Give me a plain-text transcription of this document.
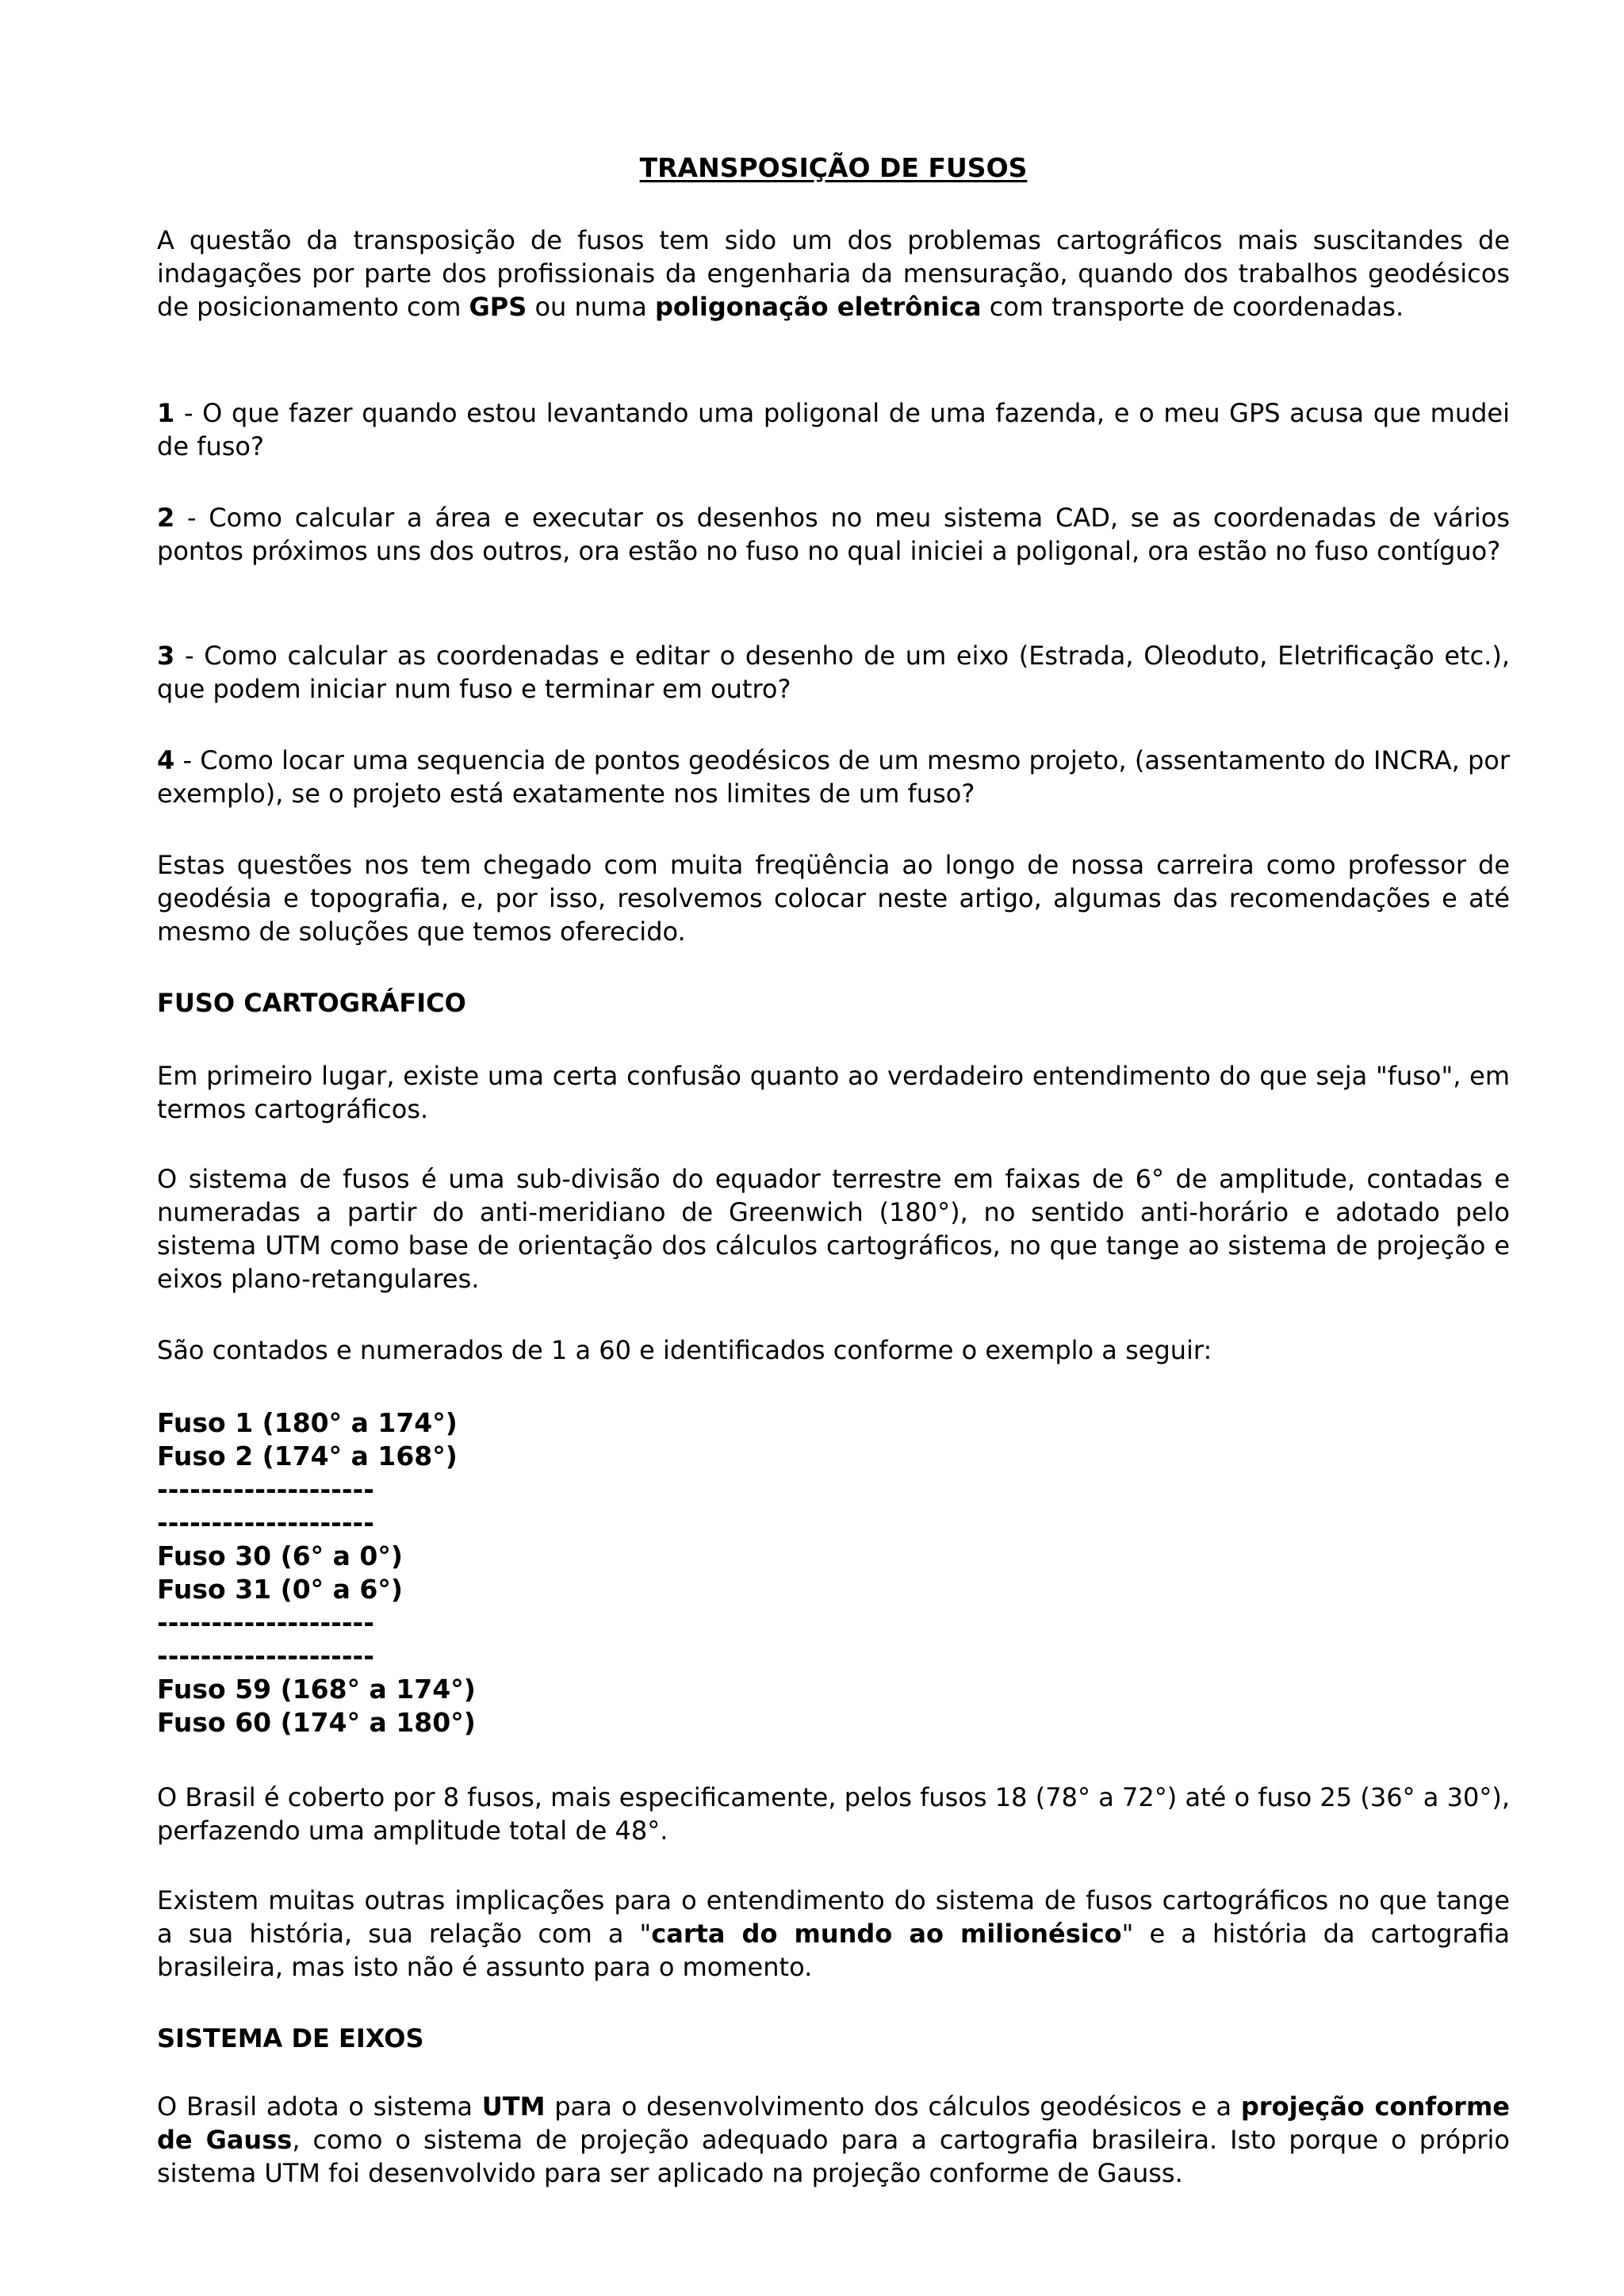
TRANSPOSIÇÃO DE FUSOS

A questão da transposição de fusos tem sido um dos problemas cartográficos mais suscitandes de indagações por parte dos profissionais da engenharia da mensuração, quando dos trabalhos geodésicos de posicionamento com GPS ou numa poligonação eletrônica com transporte de coordenadas.

1 - O que fazer quando estou levantando uma poligonal de uma fazenda, e o meu GPS acusa que mudei de fuso?

2 - Como calcular a área e executar os desenhos no meu sistema CAD, se as coordenadas de vários pontos próximos uns dos outros, ora estão no fuso no qual iniciei a poligonal, ora estão no fuso contíguo?

3 - Como calcular as coordenadas e editar o desenho de um eixo (Estrada, Oleoduto, Eletrificação etc.), que podem iniciar num fuso e terminar em outro?

4 - Como locar uma sequencia de pontos geodésicos de um mesmo projeto, (assentamento do INCRA, por exemplo), se o projeto está exatamente nos limites de um fuso?

Estas questões nos tem chegado com muita freqüência ao longo de nossa carreira como professor de geodésia e topografia, e, por isso, resolvemos colocar neste artigo, algumas das recomendações e até mesmo de soluções que temos oferecido.

FUSO CARTOGRÁFICO

Em primeiro lugar, existe uma certa confusão quanto ao verdadeiro entendimento do que seja "fuso", em termos cartográficos.

O sistema de fusos é uma sub-divisão do equador terrestre em faixas de 6° de amplitude, contadas e numeradas a partir do anti-meridiano de Greenwich (180°), no sentido anti-horário e adotado pelo sistema UTM como base de orientação dos cálculos cartográficos, no que tange ao sistema de projeção e eixos plano-retangulares.

São contados e numerados de 1 a 60 e identificados conforme o exemplo a seguir:

Fuso 1 (180° a 174°)
Fuso 2 (174° a 168°)
--------------------
--------------------
Fuso 30 (6° a 0°)
Fuso 31 (0° a 6°)
--------------------
--------------------
Fuso 59 (168° a 174°)
Fuso 60 (174° a 180°)

O Brasil é coberto por 8 fusos, mais especificamente, pelos fusos 18 (78° a 72°) até o fuso 25 (36° a 30°), perfazendo uma amplitude total de 48°.

Existem muitas outras implicações para o entendimento do sistema de fusos cartográficos no que tange a sua história, sua relação com a "carta do mundo ao milionésico" e a história da cartografia brasileira, mas isto não é assunto para o momento.

SISTEMA DE EIXOS

O Brasil adota o sistema UTM para o desenvolvimento dos cálculos geodésicos e a projeção conforme de Gauss, como o sistema de projeção adequado para a cartografia brasileira. Isto porque o próprio sistema UTM foi desenvolvido para ser aplicado na projeção conforme de Gauss.
